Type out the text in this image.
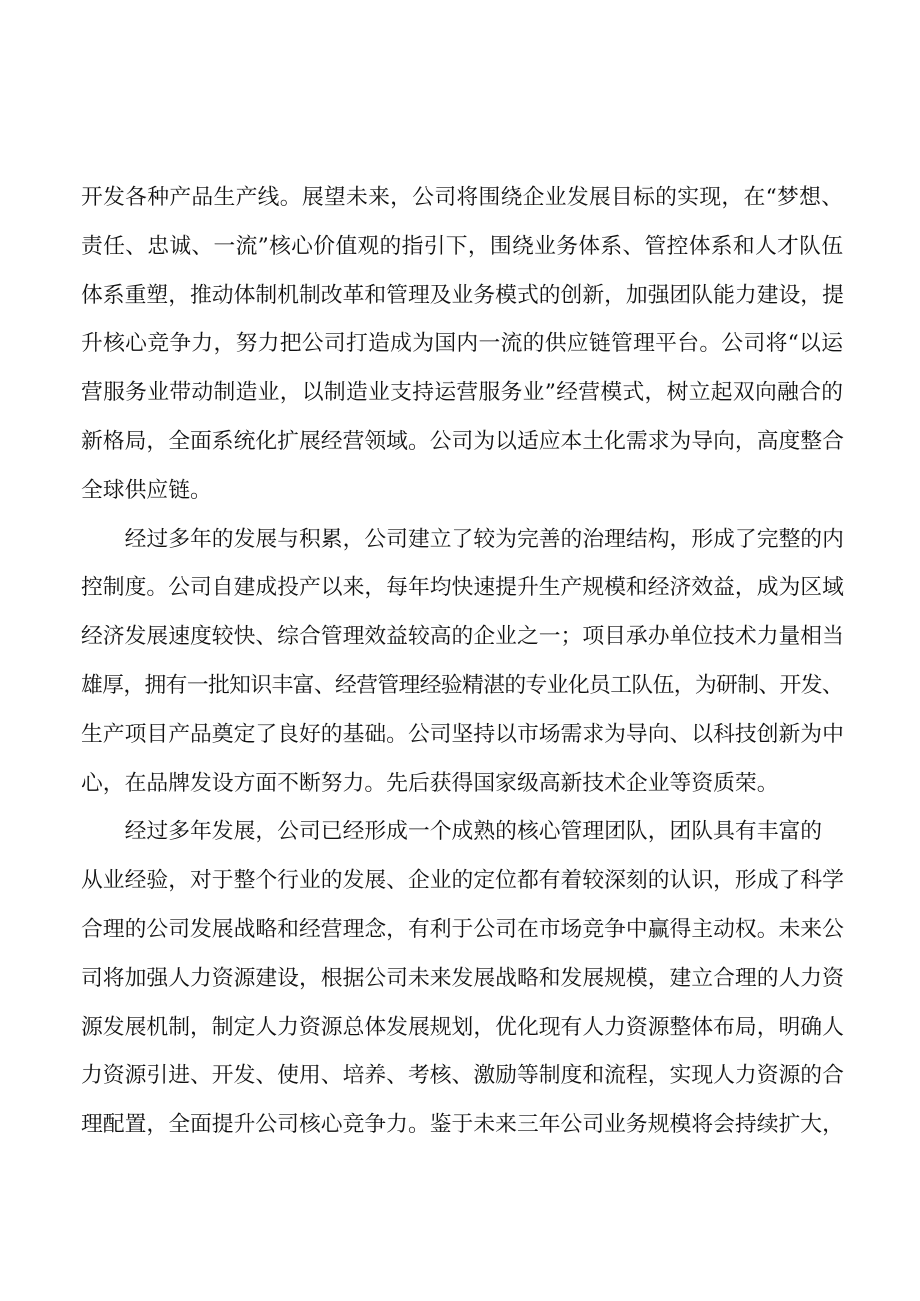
开发各种产品生产线。展望未来，公司将围绕企业发展目标的实现，在“梦想、
责任、忠诚、一流”核心价值观的指引下，围绕业务体系、管控体系和人才队伍
体系重塑，推动体制机制改革和管理及业务模式的创新，加强团队能力建设，提
升核心竞争力，努力把公司打造成为国内一流的供应链管理平台。公司将“以运
营服务业带动制造业，以制造业支持运营服务业”经营模式，树立起双向融合的
新格局，全面系统化扩展经营领域。公司为以适应本土化需求为导向，高度整合
全球供应链。
经过多年的发展与积累，公司建立了较为完善的治理结构，形成了完整的内
控制度。公司自建成投产以来，每年均快速提升生产规模和经济效益，成为区域
经济发展速度较快、综合管理效益较高的企业之一；项目承办单位技术力量相当
雄厚，拥有一批知识丰富、经营管理经验精湛的专业化员工队伍，为研制、开发、
生产项目产品奠定了良好的基础。公司坚持以市场需求为导向、以科技创新为中
心，在品牌发设方面不断努力。先后获得国家级高新技术企业等资质荣。
经过多年发展，公司已经形成一个成熟的核心管理团队，团队具有丰富的
从业经验，对于整个行业的发展、企业的定位都有着较深刻的认识，形成了科学
合理的公司发展战略和经营理念，有利于公司在市场竞争中赢得主动权。未来公
司将加强人力资源建设，根据公司未来发展战略和发展规模，建立合理的人力资
源发展机制，制定人力资源总体发展规划，优化现有人力资源整体布局，明确人
力资源引进、开发、使用、培养、考核、激励等制度和流程，实现人力资源的合
理配置，全面提升公司核心竞争力。鉴于未来三年公司业务规模将会持续扩大，
